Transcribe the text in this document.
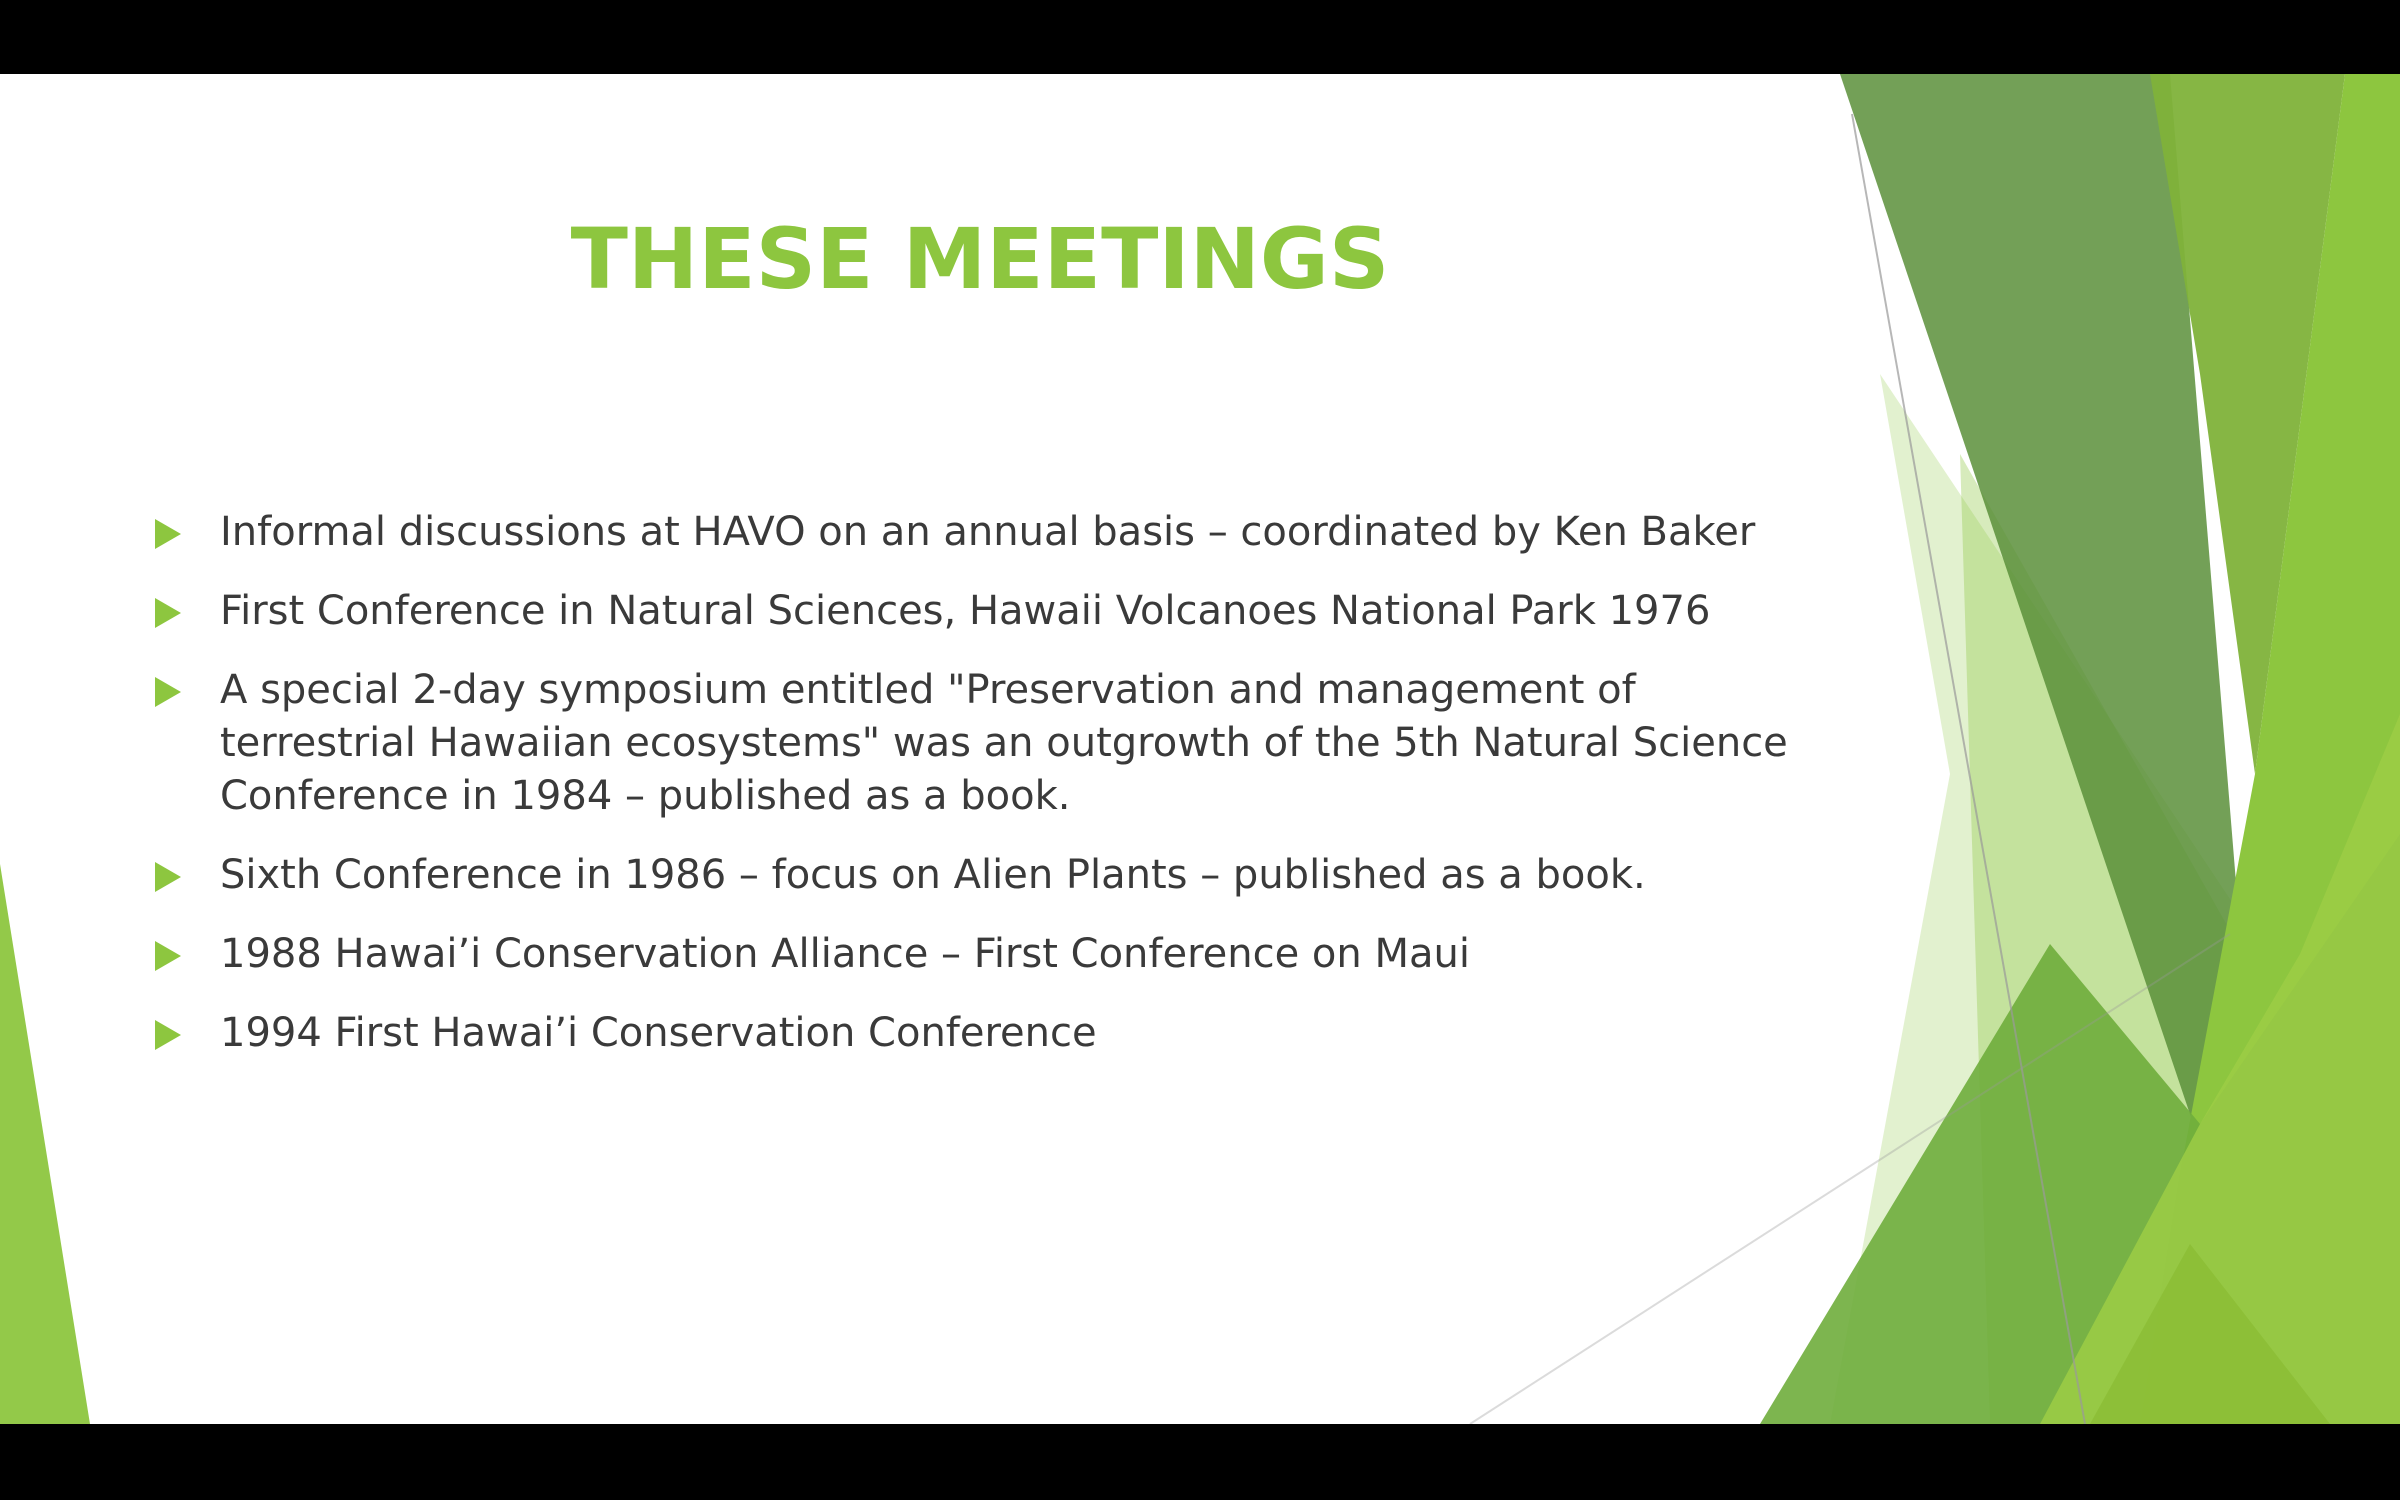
THESE MEETINGS
Informal discussions at HAVO on an annual basis – coordinated by Ken Baker
First Conference in Natural Sciences, Hawaii Volcanoes National Park 1976
A special 2-day symposium entitled "Preservation and management of terrestrial Hawaiian ecosystems" was an outgrowth of the 5th Natural Science Conference in 1984 – published as a book.
Sixth Conference in 1986 – focus on Alien Plants – published as a book.
1988 Hawai’i Conservation Alliance – First Conference on Maui
1994 First Hawai’i Conservation Conference
